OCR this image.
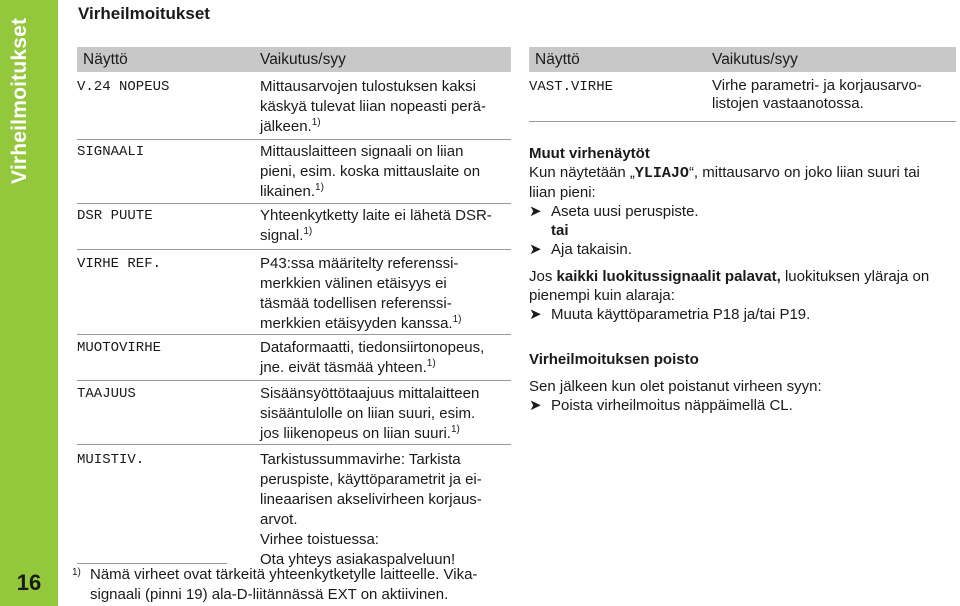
Virheilmoitukset
16
Virheilmoitukset
Näyttö	Vaikutus/syy	Näyttö	Vaikutus/syy
V.24 NOPEUS	Mittausarvojen tulostuksen kaksi
käskyä tulevat liian nopeasti perä-
jälkeen.$^{1)}$
SIGNAALI	Mittauslaitteen signaali on liian
pieni, esim. koska mittauslaite on
likainen.$^{1)}$
DSR PUUTE	Yhteenkytketty laite ei lähetä DSR-
signal.$^{1)}$
VIRHE REF.	P43:ssa määritelty referenssi-
merkkien välinen etäisyys ei
täsmää todellisen referenssi-
merkkien etäisyyden kanssa.$^{1)}$
MUOTOVIRHE	Dataformaatti, tiedonsiirtonopeus,
jne. eivät täsmää yhteen.$^{1)}$
TAAJUUS	Sisäänsyöttötaajuus mittalaitteen
sisääntulolle on liian suuri, esim.
jos liikenopeus on liian suuri.$^{1)}$
MUISTIV.	Tarkistussummavirhe: Tarkista
peruspiste, käyttöparametrit ja ei-
lineaarisen akselivirheen korjaus-
arvot.
Virhee toistuessa:
Ota yhteys asiakaspalveluun!
1) Nämä virheet ovat tärkeitä yhteenkytketylle laitteelle. Vika-
signaali (pinni 19) ala-D-liitännässä EXT on aktiivinen.
VAST.VIRHE	Virhe parametri- ja korjausarvo-
listojen vastaanotossa.
Muut virhenäytöt
Kun näytetään „YLIAJO“, mittausarvo on joko liian suuri tai
liian pieni:
➤ Aseta uusi peruspiste.
tai
➤ Aja takaisin.
Jos kaikki luokitussignaalit palavat, luokituksen yläraja on
pienempi kuin alaraja:
➤ Muuta käyttöparametria P18 ja/tai P19.
Virheilmoituksen poisto
Sen jälkeen kun olet poistanut virheen syyn:
➤ Poista virheilmoitus näppäimellä CL.
